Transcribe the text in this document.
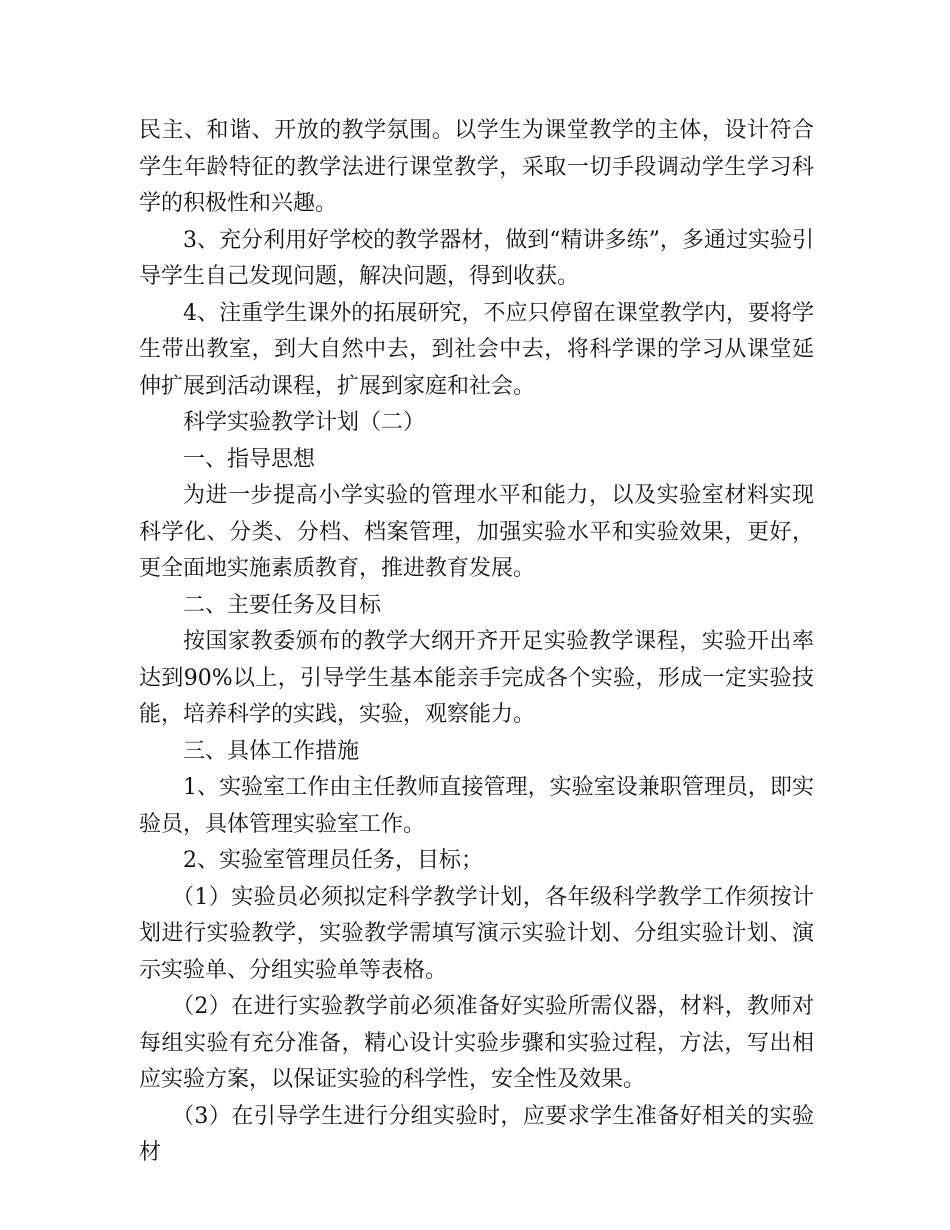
民主、和谐、开放的教学氛围。以学生为课堂教学的主体，设计符合学生年龄特征的教学法进行课堂教学，采取一切手段调动学生学习科学的积极性和兴趣。

3、充分利用好学校的教学器材，做到“精讲多练”，多通过实验引导学生自己发现问题，解决问题，得到收获。

4、注重学生课外的拓展研究，不应只停留在课堂教学内，要将学生带出教室，到大自然中去，到社会中去，将科学课的学习从课堂延伸扩展到活动课程，扩展到家庭和社会。

科学实验教学计划（二）

一、指导思想

为进一步提高小学实验的管理水平和能力，以及实验室材料实现科学化、分类、分档、档案管理，加强实验水平和实验效果，更好，更全面地实施素质教育，推进教育发展。

二、主要任务及目标

按国家教委颁布的教学大纲开齐开足实验教学课程，实验开出率达到90%以上，引导学生基本能亲手完成各个实验，形成一定实验技能，培养科学的实践，实验，观察能力。

三、具体工作措施

1、实验室工作由主任教师直接管理，实验室设兼职管理员，即实验员，具体管理实验室工作。

2、实验室管理员任务，目标；

（1）实验员必须拟定科学教学计划，各年级科学教学工作须按计划进行实验教学，实验教学需填写演示实验计划、分组实验计划、演示实验单、分组实验单等表格。

（2）在进行实验教学前必须准备好实验所需仪器，材料，教师对每组实验有充分准备，精心设计实验步骤和实验过程，方法，写出相应实验方案，以保证实验的科学性，安全性及效果。

（3）在引导学生进行分组实验时，应要求学生准备好相关的实验材
